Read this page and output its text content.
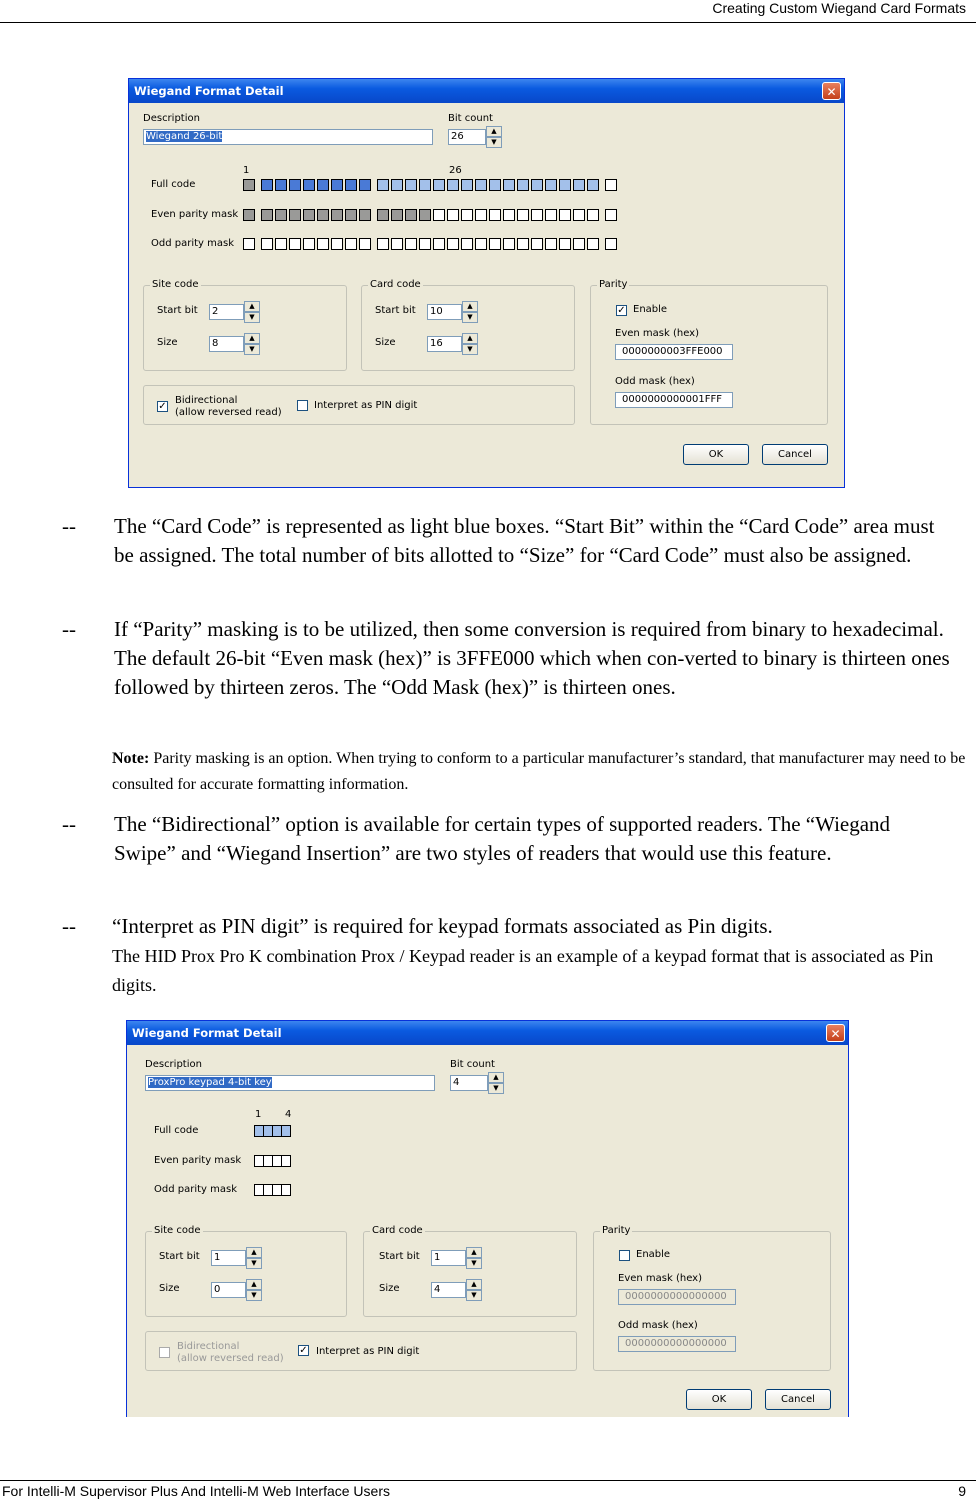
Creating Custom Wiegand Card Formats
Wiegand Format Detail	✕
Description
Wiegand 26-bit
Bit count
26	▲
▼
1	26
Full code
Even parity mask
Odd parity mask
Site code
Start bit	2	▲
▼
Size	8	▲
▼
Card code
Start bit	10	▲
▼
Size	16	▲
▼
✓
Bidirectional
(allow reversed read)
Interpret as PIN digit
Parity
✓ Enable
Even mask (hex)
0000000003FFE000
Odd mask (hex)
0000000000001FFF
OK	Cancel
-- The “Card Code” is represented as light blue boxes. “Start Bit” within the “Card Code” area must be assigned. The total number of bits allotted to “Size” for “Card Code” must also be assigned.
-- If “Parity” masking is to be utilized, then some conversion is required from binary to hexadecimal. The default 26-bit “Even mask (hex)” is 3FFE000 which when con-verted to binary is thirteen ones followed by thirteen zeros. The “Odd Mask (hex)” is thirteen ones.
Note: Parity masking is an option. When trying to conform to a particular manufacturer’s standard, that manufacturer may need to be consulted for accurate formatting information.
-- The “Bidirectional” option is available for certain types of supported readers. The “Wiegand Swipe” and “Wiegand Insertion” are two styles of readers that would use this feature.
-- “Interpret as PIN digit” is required for keypad formats associated as Pin digits.
The HID Prox Pro K combination Prox / Keypad reader is an example of a keypad format that is associated as Pin digits.
Wiegand Format Detail	✕
Description
ProxPro keypad 4-bit key
Bit count
4	▲
▼
1 4
Full code
Even parity mask
Odd parity mask
Site code
Start bit	1	▲
▼
Size	0	▲
▼
Card code
Start bit	1	▲
▼
Size	4	▲
▼
Bidirectional
(allow reversed read)
✓ Interpret as PIN digit
Parity
Enable
Even mask (hex)
0000000000000000
Odd mask (hex)
0000000000000000
OK	Cancel
For Intelli-M Supervisor Plus And Intelli-M Web Interface Users	9
